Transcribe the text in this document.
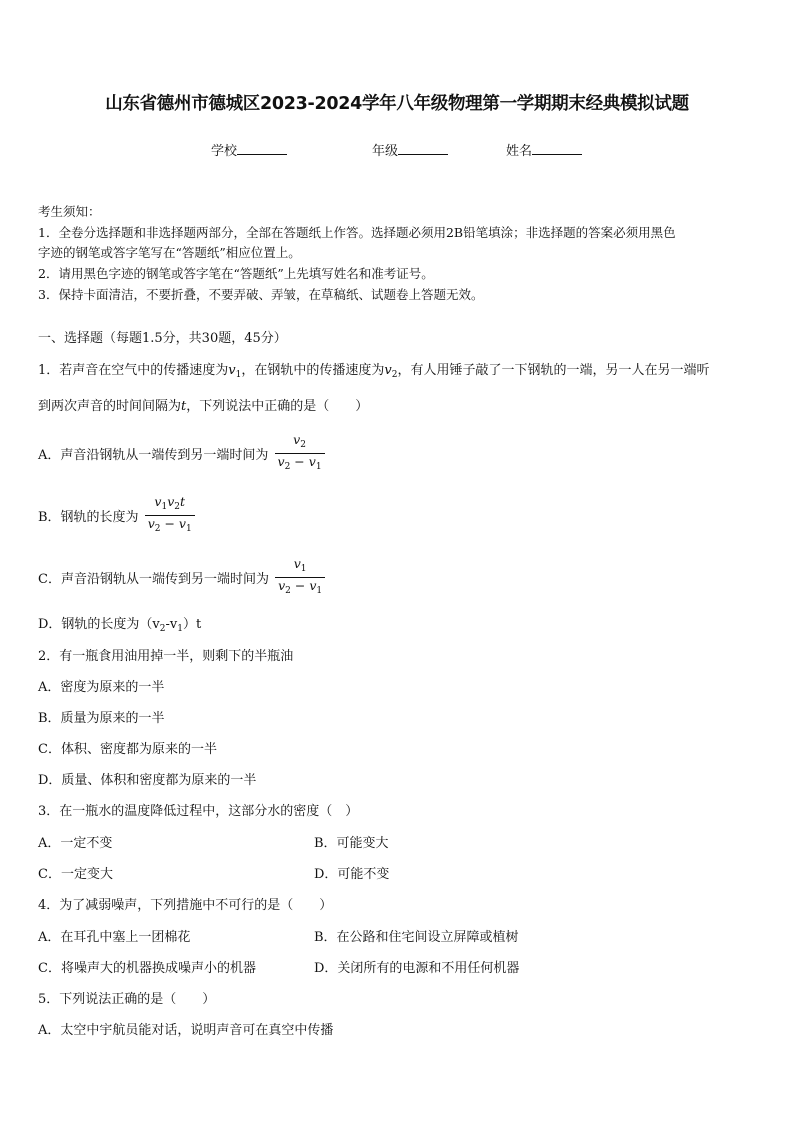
山东省德州市德城区2023-2024学年八年级物理第一学期期末经典模拟试题
学校	年级	姓名
考生须知：
1．全卷分选择题和非选择题两部分，全部在答题纸上作答。选择题必须用2B铅笔填涂；非选择题的答案必须用黑色
字迹的钢笔或答字笔写在“答题纸”相应位置上。
2．请用黑色字迹的钢笔或答字笔在“答题纸”上先填写姓名和准考证号。
3．保持卡面清洁，不要折叠，不要弄破、弄皱，在草稿纸、试题卷上答题无效。
一、选择题（每题1.5分，共30题，45分）
1．若声音在空气中的传播速度为$v_1$，在钢轨中的传播速度为$v_2$，有人用锤子敲了一下钢轨的一端，另一人在另一端听
到两次声音的时间间隔为t，下列说法中正确的是（　　）
A．声音沿钢轨从一端传到另一端时间为 $\frac{v_2}{v_2 - v_1}$
B．钢轨的长度为 $\frac{v_1v_2t}{v_2 - v_1}$
C．声音沿钢轨从一端传到另一端时间为 $\frac{v_1}{v_2 - v_1}$
D．钢轨的长度为$(v_2-v_1)t$
2．有一瓶食用油用掉一半，则剩下的半瓶油
A．密度为原来的一半
B．质量为原来的一半
C．体积、密度都为原来的一半
D．质量、体积和密度都为原来的一半
3．在一瓶水的温度降低过程中，这部分水的密度（　）
A．一定不变	B．可能变大
C．一定变大	D．可能不变
4．为了减弱噪声，下列措施中不可行的是（　　）
A．在耳孔中塞上一团棉花	B．在公路和住宅间设立屏障或植树
C．将噪声大的机器换成噪声小的机器	D．关闭所有的电源和不用任何机器
5．下列说法正确的是（　　）
A．太空中宇航员能对话，说明声音可在真空中传播
